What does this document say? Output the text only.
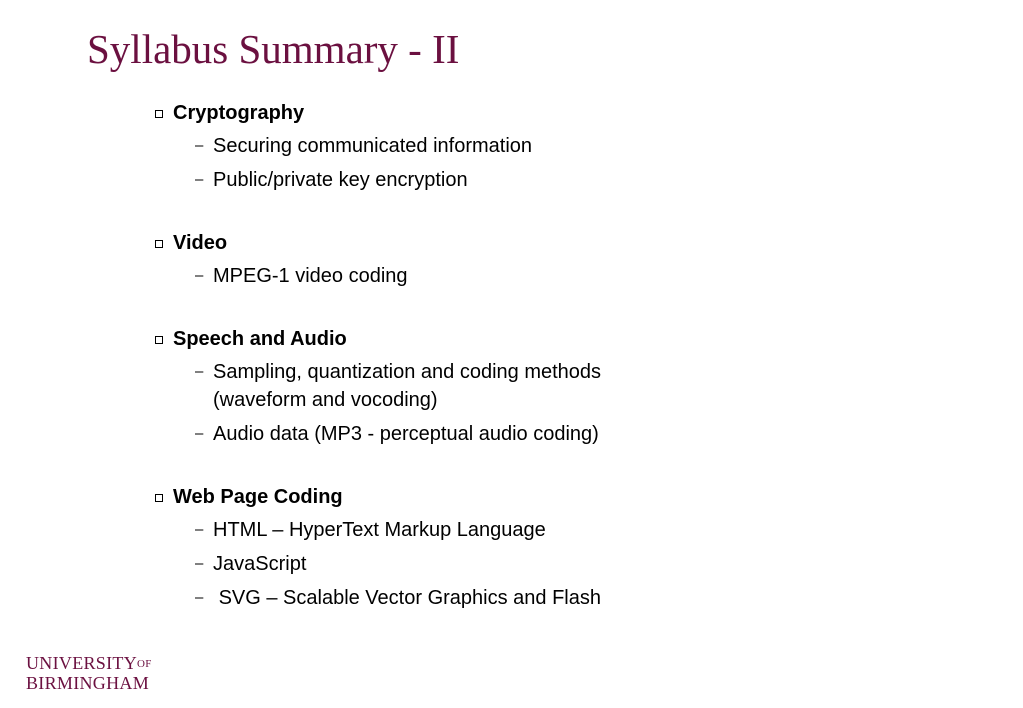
Syllabus Summary - II
Cryptography
– Securing communicated information
– Public/private key encryption
Video
– MPEG-1 video coding
Speech and Audio
– Sampling, quantization and coding methods (waveform and vocoding)
– Audio data (MP3 - perceptual audio coding)
Web Page Coding
– HTML – HyperText Markup Language
– JavaScript
– SVG – Scalable Vector Graphics and Flash
$UNIVERSITY^{OF}$
BIRMINGHAM
